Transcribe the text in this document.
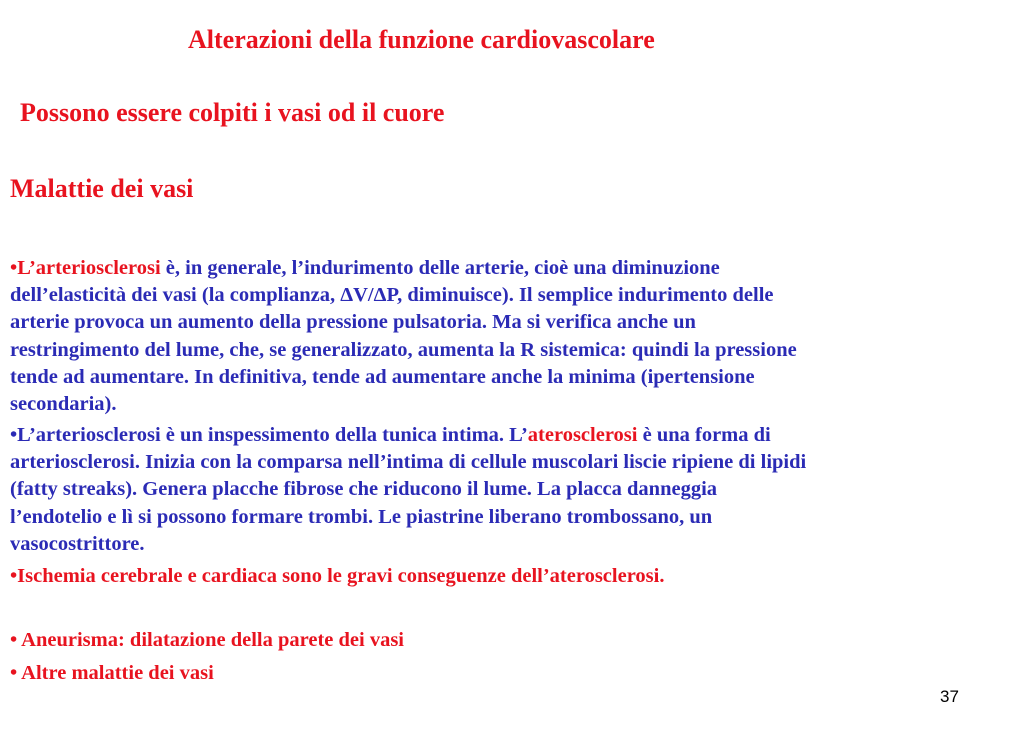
Alterazioni della funzione cardiovascolare
Possono essere colpiti i vasi od il cuore
Malattie dei vasi
•L’arteriosclerosi è, in generale, l’indurimento delle arterie, cioè una diminuzione
dell’elasticità dei vasi (la complianza, ΔV/ΔP, diminuisce). Il semplice indurimento delle
arterie provoca un aumento della pressione pulsatoria. Ma si verifica anche un
restringimento del lume, che, se generalizzato, aumenta la R sistemica: quindi la pressione
tende ad aumentare. In definitiva, tende ad aumentare anche la minima (ipertensione
secondaria).
•L’arteriosclerosi è un inspessimento della tunica intima. L’aterosclerosi è una forma di
arteriosclerosi. Inizia con la comparsa nell’intima di cellule muscolari liscie ripiene di lipidi
(fatty streaks). Genera placche fibrose che riducono il lume. La placca danneggia
l’endotelio e lì si possono formare trombi. Le piastrine liberano trombossano, un
vasocostrittore.
•Ischemia cerebrale e cardiaca sono le gravi conseguenze dell’aterosclerosi.
• Aneurisma: dilatazione della parete dei vasi
• Altre malattie dei vasi
37
